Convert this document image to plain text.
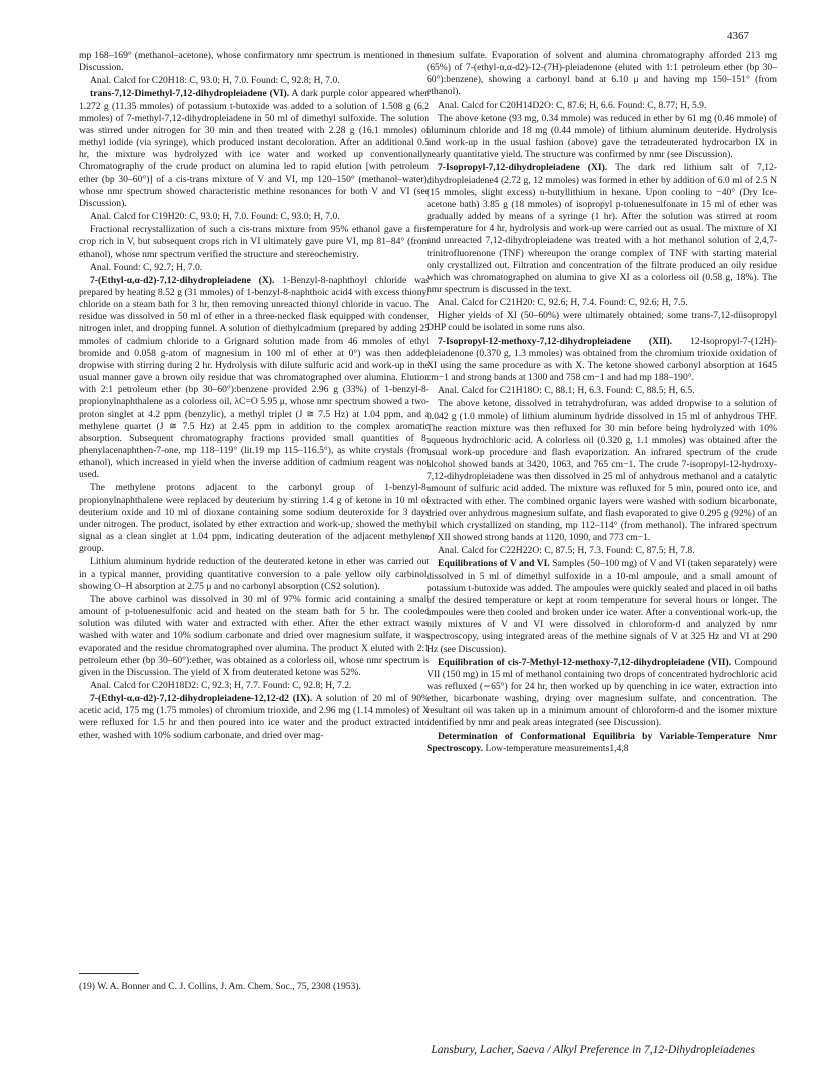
4367

mp 168–169° (methanol–acetone), whose confirmatory nmr spectrum is mentioned in the Discussion.

Anal. Calcd for C20H18: C, 93.0; H, 7.0. Found: C, 92.8; H, 7.0.

trans-7,12-Dimethyl-7,12-dihydropleiadene (VI). A dark purple color appeared when 1.272 g (11.35 mmoles) of potassium t-butoxide was added to a solution of 1.508 g (6.2 mmoles) of 7-methyl-7,12-dihydropleiadene in 50 ml of dimethyl sulfoxide. The solution was stirred under nitrogen for 30 min and then treated with 2.28 g (16.1 mmoles) of methyl iodide (via syringe), which produced instant decoloration. After an additional 0.5 hr, the mixture was hydrolyzed with ice water and worked up conventionally. Chromatography of the crude product on alumina led to rapid elution [with petroleum ether (bp 30–60°)] of a cis-trans mixture of V and VI, mp 120–150° (methanol–water), whose nmr spectrum showed characteristic methine resonances for both V and VI (see Discussion).

Anal. Calcd for C19H20: C, 93.0; H, 7.0. Found: C, 93.0; H, 7.0.

Fractional recrystallization of such a cis-trans mixture from 95% ethanol gave a first crop rich in V, but subsequent crops rich in VI ultimately gave pure VI, mp 81–84° (from ethanol), whose nmr spectrum verified the structure and stereochemistry.

Anal. Found: C, 92.7; H, 7.0.

7-(Ethyl-α,α-d2)-7,12-dihydropleiadene (X). 1-Benzyl-8-naphthoyl chloride was prepared by heating 8.52 g (31 mmoles) of 1-benzyl-8-naphthoic acid4 with excess thionyl chloride on a steam bath for 3 hr, then removing unreacted thionyl chloride in vacuo. The residue was dissolved in 50 ml of ether in a three-necked flask equipped with condenser, nitrogen inlet, and dropping funnel. A solution of diethylcadmium (prepared by adding 25 mmoles of cadmium chloride to a Grignard solution made from 46 mmoles of ethyl bromide and 0.058 g-atom of magnesium in 100 ml of ether at 0°) was then added dropwise with stirring during 2 hr. Hydrolysis with dilute sulfuric acid and work-up in the usual manner gave a brown oily residue that was chromatographed over alumina. Elution with 2:1 petroleum ether (bp 30–60°):benzene provided 2.96 g (33%) of 1-benzyl-8-propionylnaphthalene as a colorless oil, λC=O 5.95 μ, whose nmr spectrum showed a two-proton singlet at 4.2 ppm (benzylic), a methyl triplet (J ≅ 7.5 Hz) at 1.04 ppm, and a methylene quartet (J ≅ 7.5 Hz) at 2.45 ppm in addition to the complex aromatic absorption. Subsequent chromatography fractions provided small quantities of 8-phenylacenaphthen-7-one, mp 118–119° (lit.19 mp 115–116.5°), as white crystals (from ethanol), which increased in yield when the inverse addition of cadmium reagent was not used.

The methylene protons adjacent to the carbonyl group of 1-benzyl-8-propionylnaphthalene were replaced by deuterium by stirring 1.4 g of ketone in 10 ml of deuterium oxide and 10 ml of dioxane containing some sodium deuteroxide for 3 days under nitrogen. The product, isolated by ether extraction and work-up, showed the methyl signal as a clean singlet at 1.04 ppm, indicating deuteration of the adjacent methylene group.

Lithium aluminum hydride reduction of the deuterated ketone in ether was carried out in a typical manner, providing quantitative conversion to a pale yellow oily carbinol, showing O–H absorption at 2.75 μ and no carbonyl absorption (CS2 solution).

The above carbinol was dissolved in 30 ml of 97% formic acid containing a small amount of p-toluenesulfonic acid and heated on the steam bath for 5 hr. The cooled solution was diluted with water and extracted with ether. After the ether extract was washed with water and 10% sodium carbonate and dried over magnesium sulfate, it was evaporated and the residue chromatographed over alumina. The product X eluted with 2:1 petroleum ether (bp 30–60°):ether, was obtained as a colorless oil, whose nmr spectrum is given in the Discussion. The yield of X from deuterated ketone was 52%.

Anal. Calcd for C20H18D2: C, 92.3; H, 7.7. Found: C, 92.8; H, 7.2.

7-(Ethyl-α,α-d2)-7,12-dihydropleiadene-12,12-d2 (IX). A solution of 20 ml of 90% acetic acid, 175 mg (1.75 mmoles) of chromium trioxide, and 2.96 mg (1.14 mmoles) of X were refluxed for 1.5 hr and then poured into ice water and the product extracted into ether, washed with 10% sodium carbonate, and dried over mag-

nesium sulfate. Evaporation of solvent and alumina chromatography afforded 213 mg (65%) of 7-(ethyl-α,α-d2)-12-(7H)-pleiadenone (eluted with 1:1 petroleum ether (bp 30–60°):benzene), showing a carbonyl band at 6.10 μ and having mp 150–151° (from ethanol).

Anal. Calcd for C20H14D2O: C, 87.6; H, 6.6. Found: C, 8.77; H, 5.9.

The above ketone (93 mg, 0.34 mmole) was reduced in ether by 61 mg (0.46 mmole) of aluminum chloride and 18 mg (0.44 mmole) of lithium aluminum deuteride. Hydrolysis and work-up in the usual fashion (above) gave the tetradeuterated hydrocarbon IX in nearly quantitative yield. The structure was confirmed by nmr (see Discussion).

7-Isopropyl-7,12-dihydropleiadene (XI). The dark red lithium salt of 7,12-dihydropleiadene4 (2.72 g, 12 mmoles) was formed in ether by addition of 6.0 ml of 2.5 N (15 mmoles, slight excess) n-butyllithium in hexane. Upon cooling to −40° (Dry Ice-acetone bath) 3.85 g (18 mmoles) of isopropyl p-toluenesulfonate in 15 ml of ether was gradually added by means of a syringe (1 hr). After the solution was stirred at room temperature for 4 hr, hydrolysis and work-up were carried out as usual. The mixture of XI and unreacted 7,12-dihydropleiadene was treated with a hot methanol solution of 2,4,7-trinitrofluorenone (TNF) whereupon the orange complex of TNF with starting material only crystallized out. Filtration and concentration of the filtrate produced an oily residue which was chromatographed on alumina to give XI as a colorless oil (0.58 g, 18%). The nmr spectrum is discussed in the text.

Anal. Calcd for C21H20: C, 92.6; H, 7.4. Found: C, 92.6; H, 7.5.

Higher yields of XI (50–60%) were ultimately obtained; some trans-7,12-diisopropyl DHP could be isolated in some runs also.

7-Isopropyl-12-methoxy-7,12-dihydropleiadene (XII). 12-Isopropyl-7-(12H)-pleiadenone (0.370 g, 1.3 mmoles) was obtained from the chromium trioxide oxidation of XI using the same procedure as with X. The ketone showed carbonyl absorption at 1645 cm−1 and strong bands at 1300 and 758 cm−1 and had mp 188–190°.

Anal. Calcd for C21H18O: C, 88.1; H, 6.3. Found: C, 88.5; H, 6.5.

The above ketone, dissolved in tetrahydrofuran, was added dropwise to a solution of 0.042 g (1.0 mmole) of lithium aluminum hydride dissolved in 15 ml of anhydrous THF. The reaction mixture was then refluxed for 30 min before being hydrolyzed with 10% aqueous hydrochloric acid. A colorless oil (0.320 g, 1.1 mmoles) was obtained after the usual work-up procedure and flash evaporization. An infrared spectrum of the crude alcohol showed bands at 3420, 1063, and 765 cm−1. The crude 7-isopropyl-12-hydroxy-7,12-dihydropleiadene was then dissolved in 25 ml of anhydrous methanol and a catalytic amount of sulfuric acid added. The mixture was refluxed for 5 min, poured onto ice, and extracted with ether. The combined organic layers were washed with sodium bicarbonate, dried over anhydrous magnesium sulfate, and flash evaporated to give 0.295 g (92%) of an oil which crystallized on standing, mp 112–114° (from methanol). The infrared spectrum of XII showed strong bands at 1120, 1090, and 773 cm−1.

Anal. Calcd for C22H22O: C, 87.5; H, 7.3. Found: C, 87.5; H, 7.8.

Equilibrations of V and VI. Samples (50–100 mg) of V and VI (taken separately) were dissolved in 5 ml of dimethyl sulfoxide in a 10-ml ampoule, and a small amount of potassium t-butoxide was added. The ampoules were quickly sealed and placed in oil baths of the desired temperature or kept at room temperature for several hours or longer. The ampoules were then cooled and broken under ice water. After a conventional work-up, the oily mixtures of V and VI were dissolved in chloroform-d and analyzed by nmr spectroscopy, using integrated areas of the methine signals of V at 325 Hz and VI at 290 Hz (see Discussion).

Equilibration of cis-7-Methyl-12-methoxy-7,12-dihydropleiadene (VII). Compound VII (150 mg) in 15 ml of methanol containing two drops of concentrated hydrochloric acid was refluxed (∼65°) for 24 hr, then worked up by quenching in ice water, extraction into ether, bicarbonate washing, drying over magnesium sulfate, and concentration. The resultant oil was taken up in a minimum amount of chloroform-d and the isomer mixture identified by nmr and peak areas integrated (see Discussion).

Determination of Conformational Equilibria by Variable-Temperature Nmr Spectroscopy. Low-temperature measurements1,4,8

(19) W. A. Bonner and C. J. Collins, J. Am. Chem. Soc., 75, 2308 (1953).
Lansbury, Lacher, Saeva / Alkyl Preference in 7,12-Dihydropleiadenes
